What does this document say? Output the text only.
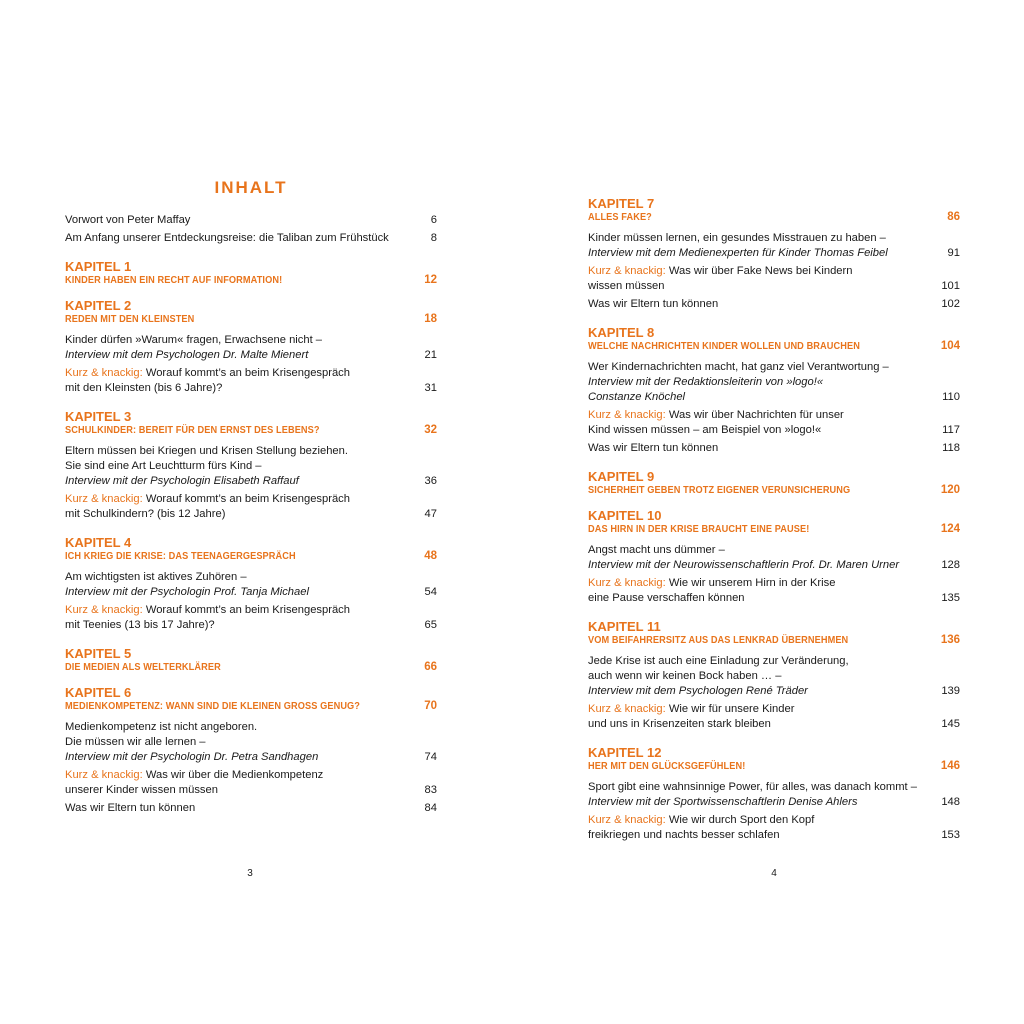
INHALT
Vorwort von Peter Maffay	6
Am Anfang unserer Entdeckungsreise: die Taliban zum Frühstück	8
KAPITEL 1
KINDER HABEN EIN RECHT AUF INFORMATION!	12
KAPITEL 2
REDEN MIT DEN KLEINSTEN	18
Kinder dürfen »Warum« fragen, Erwachsene nicht –
Interview mit dem Psychologen Dr. Malte Mienert	21
Kurz & knackig: Worauf kommt’s an beim Krisengespräch
mit den Kleinsten (bis 6 Jahre)?	31
KAPITEL 3
SCHULKINDER: BEREIT FÜR DEN ERNST DES LEBENS?	32
Eltern müssen bei Kriegen und Krisen Stellung beziehen.
Sie sind eine Art Leuchtturm fürs Kind –
Interview mit der Psychologin Elisabeth Raffauf	36
Kurz & knackig: Worauf kommt’s an beim Krisengespräch
mit Schulkindern? (bis 12 Jahre)	47
KAPITEL 4
ICH KRIEG DIE KRISE: DAS TEENAGERGESPRÄCH	48
Am wichtigsten ist aktives Zuhören –
Interview mit der Psychologin Prof. Tanja Michael	54
Kurz & knackig: Worauf kommt’s an beim Krisengespräch
mit Teenies (13 bis 17 Jahre)?	65
KAPITEL 5
DIE MEDIEN ALS WELTERKLÄRER	66
KAPITEL 6
MEDIENKOMPETENZ: WANN SIND DIE KLEINEN GROSS GENUG?	70
Medienkompetenz ist nicht angeboren.
Die müssen wir alle lernen –
Interview mit der Psychologin Dr. Petra Sandhagen	74
Kurz & knackig: Was wir über die Medienkompetenz
unserer Kinder wissen müssen	83
Was wir Eltern tun können	84
3
KAPITEL 7
ALLES FAKE?	86
Kinder müssen lernen, ein gesundes Misstrauen zu haben –
Interview mit dem Medienexperten für Kinder Thomas Feibel	91
Kurz & knackig: Was wir über Fake News bei Kindern
wissen müssen	101
Was wir Eltern tun können	102
KAPITEL 8
WELCHE NACHRICHTEN KINDER WOLLEN UND BRAUCHEN	104
Wer Kindernachrichten macht, hat ganz viel Verantwortung –
Interview mit der Redaktionsleiterin von »logo!«
Constanze Knöchel	110
Kurz & knackig: Was wir über Nachrichten für unser
Kind wissen müssen – am Beispiel von »logo!«	117
Was wir Eltern tun können	118
KAPITEL 9
SICHERHEIT GEBEN TROTZ EIGENER VERUNSICHERUNG	120
KAPITEL 10
DAS HIRN IN DER KRISE BRAUCHT EINE PAUSE!	124
Angst macht uns dümmer –
Interview mit der Neurowissenschaftlerin Prof. Dr. Maren Urner	128
Kurz & knackig: Wie wir unserem Hirn in der Krise
eine Pause verschaffen können	135
KAPITEL 11
VOM BEIFAHRERSITZ AUS DAS LENKRAD ÜBERNEHMEN	136
Jede Krise ist auch eine Einladung zur Veränderung,
auch wenn wir keinen Bock haben … –
Interview mit dem Psychologen René Träder	139
Kurz & knackig: Wie wir für unsere Kinder
und uns in Krisenzeiten stark bleiben	145
KAPITEL 12
HER MIT DEN GLÜCKSGEFÜHLEN!	146
Sport gibt eine wahnsinnige Power, für alles, was danach kommt –
Interview mit der Sportwissenschaftlerin Denise Ahlers	148
Kurz & knackig: Wie wir durch Sport den Kopf
freikriegen und nachts besser schlafen	153
4
